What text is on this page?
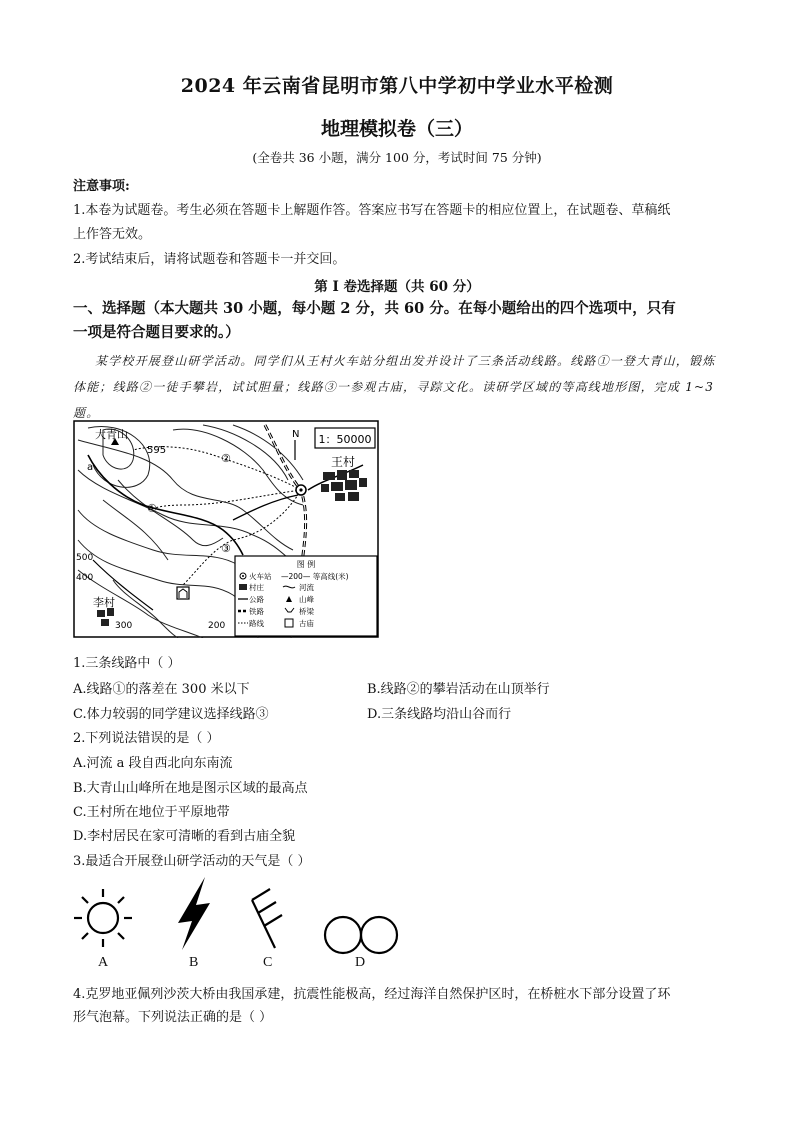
2024 年云南省昆明市第八中学初中学业水平检测
地理模拟卷（三）
(全卷共 36 小题，满分 100 分，考试时间 75 分钟)
注意事项:
1.本卷为试题卷。考生必须在答题卡上解题作答。答案应书写在答题卡的相应位置上，在试题卷、草稿纸
上作答无效。
2.考试结束后，请将试题卷和答题卡一并交回。
第 I 卷选择题（共 60 分）
一、选择题（本大题共 30 小题，每小题 2 分，共 60 分。在每小题给出的四个选项中，只有
一项是符合题目要求的。）
某学校开展登山研学活动。同学们从王村火车站分组出发并设计了三条活动线路。线路①一登大青山，锻炼体能；线路②一徒手攀岩，试试胆量；线路③一参观古庙，寻踪文化。读研学区域的等高线地形图，完成 1~3 题。
1：50000
N
大青山
595
a	王村
李村
500
400
300	200
①
②
③
图 例
火车站 —200— 等高线(米)
村庄	河流
公路	山峰
铁路	桥梁
路线	古庙
1.三条线路中（ ）
A.线路①的落差在 300 米以下	B.线路②的攀岩活动在山顶举行
C.体力较弱的同学建议选择线路③	D.三条线路均沿山谷而行
2.下列说法错误的是（ ）
A.河流 a 段自西北向东南流
B.大青山山峰所在地是图示区域的最高点
C.王村所在地位于平原地带
D.李村居民在家可清晰的看到古庙全貌
3.最适合开展登山研学活动的天气是（ ）
A	B	C	D
4.克罗地亚佩列沙茨大桥由我国承建，抗震性能极高，经过海洋自然保护区时，在桥桩水下部分设置了环
形气泡幕。下列说法正确的是（ ）
